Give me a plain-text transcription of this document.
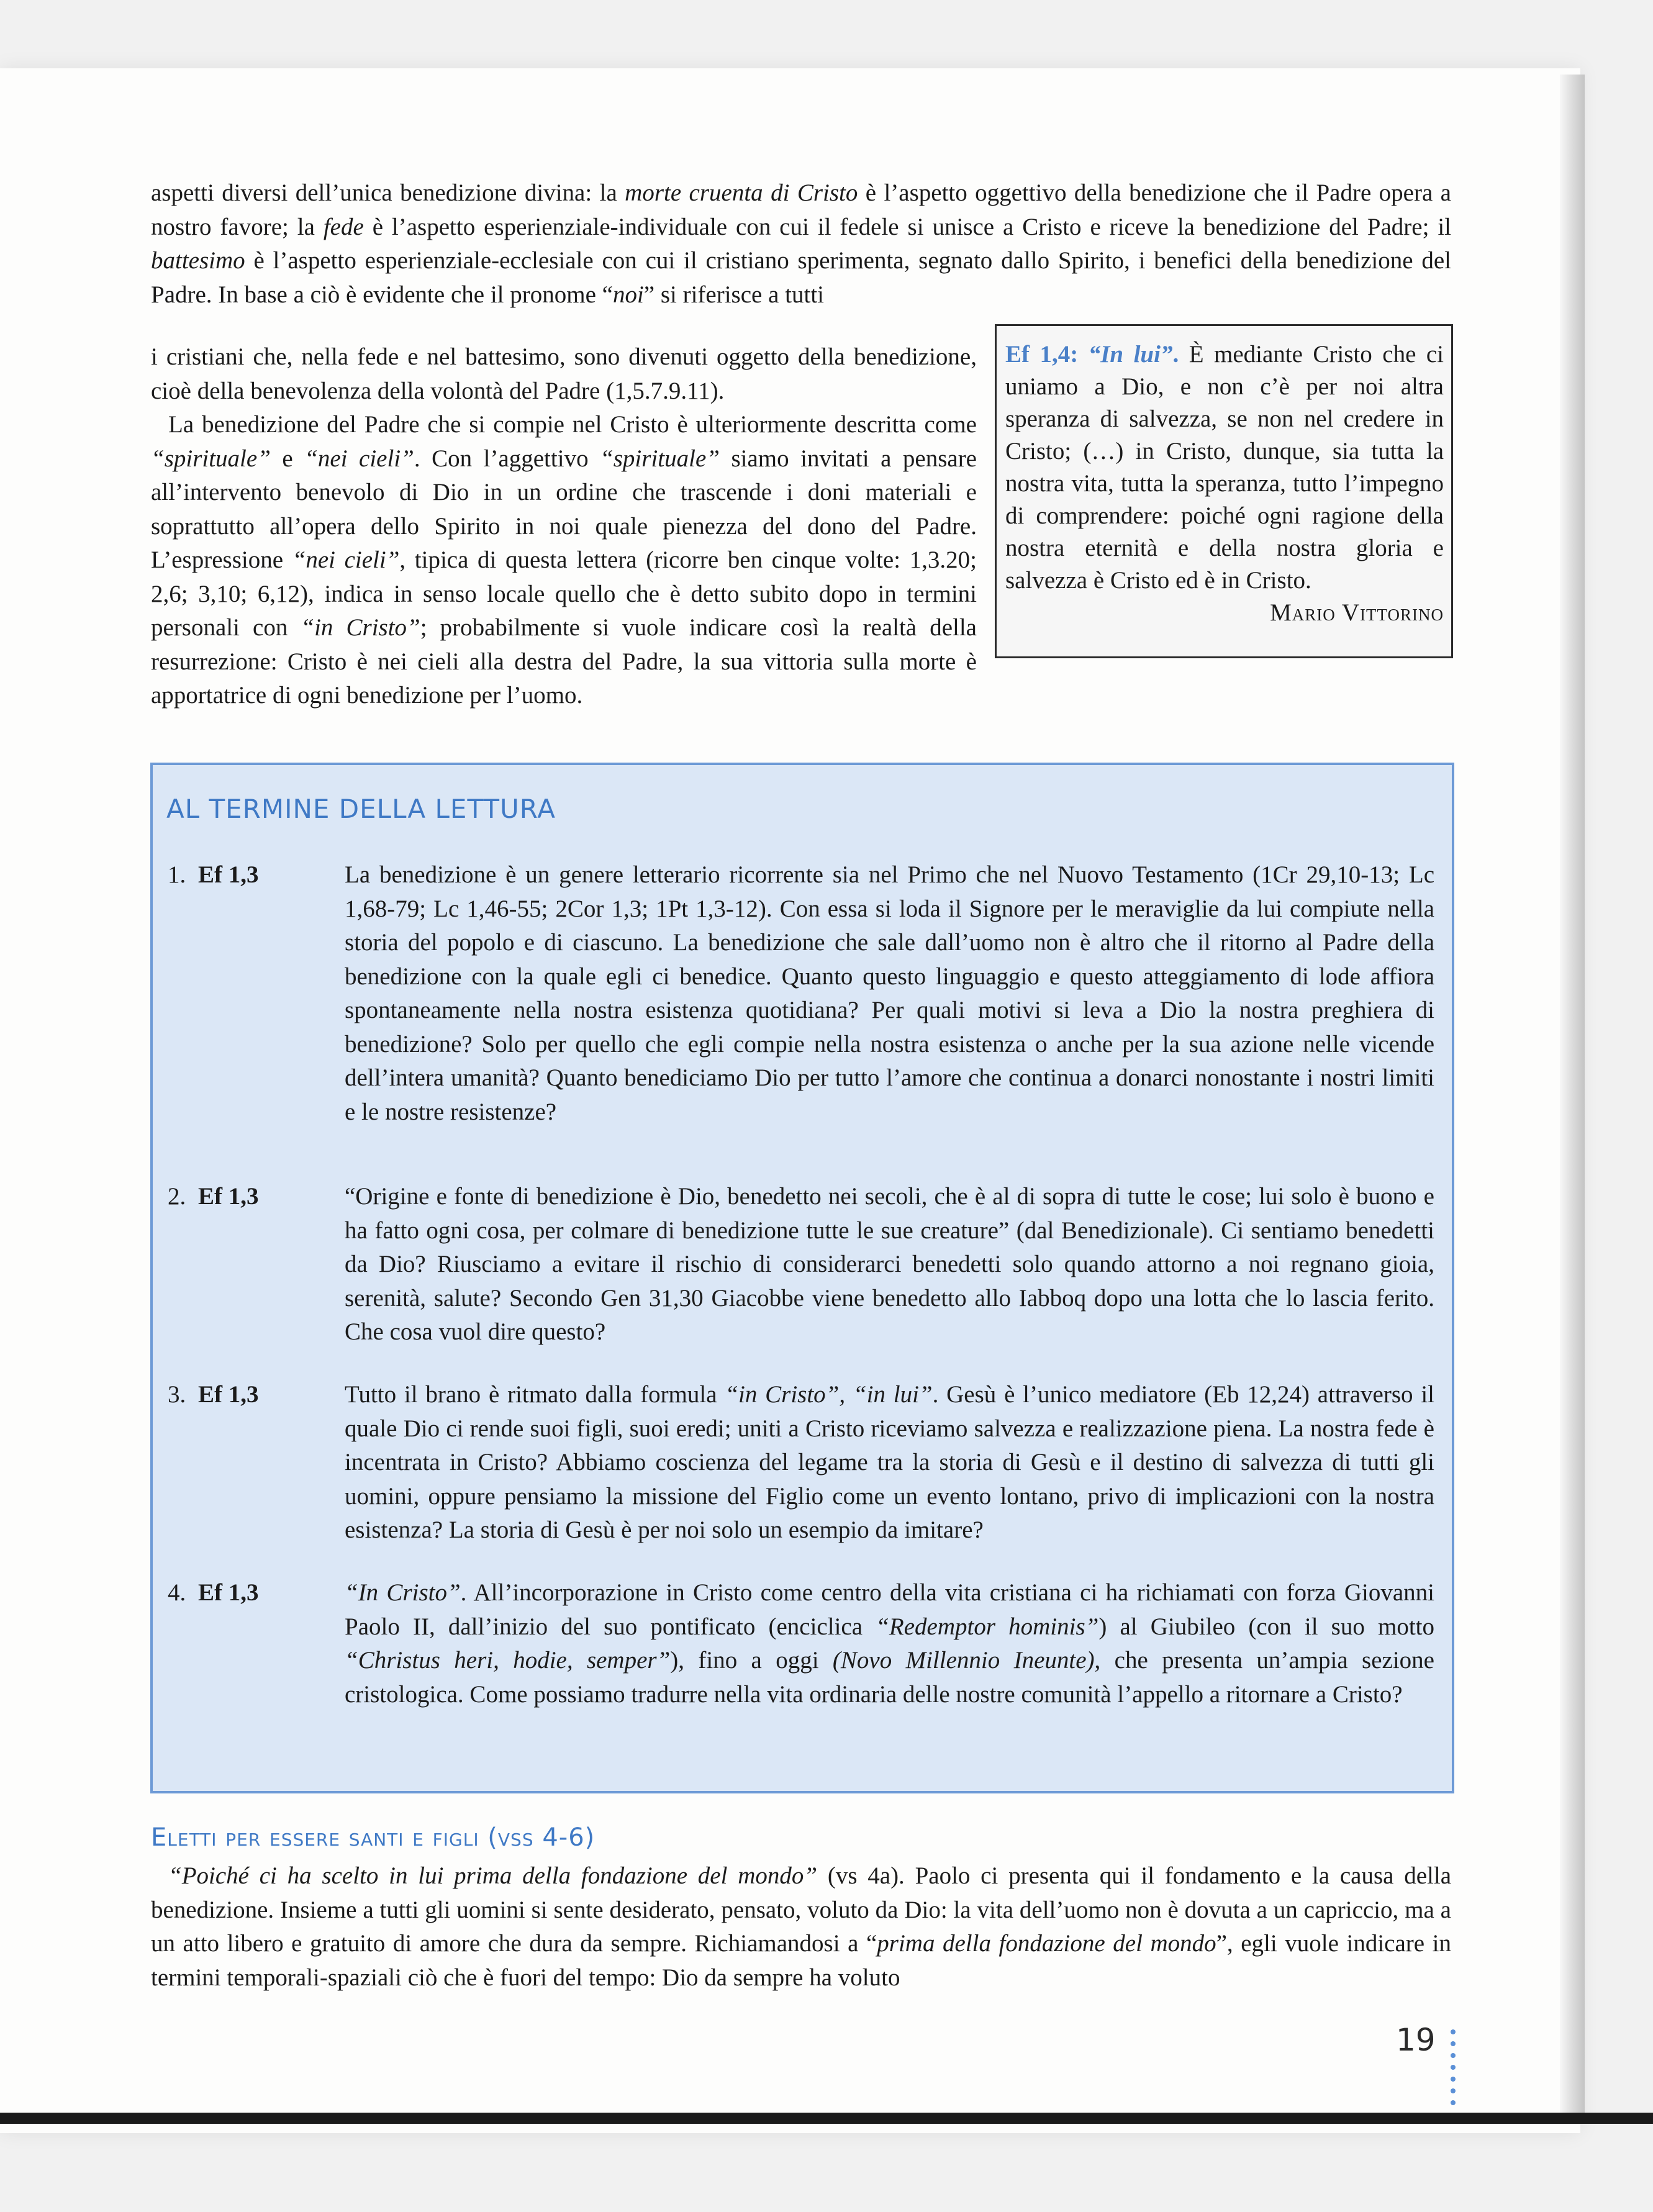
aspetti diversi dell’unica benedizione divina: la morte cruenta di Cristo è l’aspetto oggettivo della benedizione che il Padre opera a nostro favore; la fede è l’aspetto esperienziale-individuale con cui il fedele si unisce a Cristo e riceve la benedizione del Padre; il battesimo è l’aspetto esperienziale-ecclesiale con cui il cristiano sperimenta, segnato dallo Spirito, i benefici della benedizione del Padre. In base a ciò è evidente che il pronome “noi” si riferisce a tutti

i cristiani che, nella fede e nel battesimo, sono divenuti oggetto della benedizione, cioè della benevolenza della volontà del Padre (1,5.7.9.11).

La benedizione del Padre che si compie nel Cristo è ulteriormente descritta come “spirituale” e “nei cieli”. Con l’aggettivo “spirituale” siamo invitati a pensare all’intervento benevolo di Dio in un ordine che trascende i doni materiali e soprattutto all’opera dello Spirito in noi quale pienezza del dono del Padre. L’espressione “nei cieli”, tipica di questa lettera (ricorre ben cinque volte: 1,3.20; 2,6; 3,10; 6,12), indica in senso locale quello che è detto subito dopo in termini personali con “in Cristo”; probabilmente si vuole indicare così la realtà della resurrezione: Cristo è nei cieli alla destra del Padre, la sua vittoria sulla morte è apportatrice di ogni benedizione per l’uomo.

Ef 1,4: “In lui”. È mediante Cristo che ci uniamo a Dio, e non c’è per noi altra speranza di salvezza, se non nel credere in Cristo; (…) in Cristo, dunque, sia tutta la nostra vita, tutta la speranza, tutto l’impegno di comprendere: poiché ogni ragione della nostra eternità e della nostra gloria e salvezza è Cristo ed è in Cristo.
Mario Vittorino
AL TERMINE DELLA LETTURA
1. Ef 1,3	La benedizione è un genere letterario ricorrente sia nel Primo che nel Nuovo Testamento (1Cr 29,10-13; Lc 1,68-79; Lc 1,46-55; 2Cor 1,3; 1Pt 1,3-12). Con essa si loda il Signore per le meraviglie da lui compiute nella storia del popolo e di ciascuno. La benedizione che sale dall’uomo non è altro che il ritorno al Padre della benedizione con la quale egli ci benedice. Quanto questo linguaggio e questo atteggiamento di lode affiora spontaneamente nella nostra esistenza quotidiana? Per quali motivi si leva a Dio la nostra preghiera di benedizione? Solo per quello che egli compie nella nostra esistenza o anche per la sua azione nelle vicende dell’intera umanità? Quanto benediciamo Dio per tutto l’amore che continua a donarci nonostante i nostri limiti e le nostre resistenze?
2. Ef 1,3	“Origine e fonte di benedizione è Dio, benedetto nei secoli, che è al di sopra di tutte le cose; lui solo è buono e ha fatto ogni cosa, per colmare di benedizione tutte le sue creature” (dal Benedizionale). Ci sentiamo benedetti da Dio? Riusciamo a evitare il rischio di considerarci benedetti solo quando attorno a noi regnano gioia, serenità, salute? Secondo Gen 31,30 Giacobbe viene benedetto allo Iabboq dopo una lotta che lo lascia ferito. Che cosa vuol dire questo?
3. Ef 1,3	Tutto il brano è ritmato dalla formula “in Cristo”, “in lui”. Gesù è l’unico mediatore (Eb 12,24) attraverso il quale Dio ci rende suoi figli, suoi eredi; uniti a Cristo riceviamo salvezza e realizzazione piena. La nostra fede è incentrata in Cristo? Abbiamo coscienza del legame tra la storia di Gesù e il destino di salvezza di tutti gli uomini, oppure pensiamo la missione del Figlio come un evento lontano, privo di implicazioni con la nostra esistenza? La storia di Gesù è per noi solo un esempio da imitare?
4. Ef 1,3	“In Cristo”. All’incorporazione in Cristo come centro della vita cristiana ci ha richiamati con forza Giovanni Paolo II, dall’inizio del suo pontificato (enciclica “Redemptor hominis”) al Giubileo (con il suo motto “Christus heri, hodie, semper”), fino a oggi (Novo Millennio Ineunte), che presenta un’ampia sezione cristologica. Come possiamo tradurre nella vita ordinaria delle nostre comunità l’appello a ritornare a Cristo?
Eletti per essere santi e figli (vss 4-6)

“Poiché ci ha scelto in lui prima della fondazione del mondo” (vs 4a). Paolo ci presenta qui il fondamento e la causa della benedizione. Insieme a tutti gli uomini si sente desiderato, pensato, voluto da Dio: la vita dell’uomo non è dovuta a un capriccio, ma a un atto libero e gratuito di amore che dura da sempre. Richiamandosi a “prima della fondazione del mondo”, egli vuole indicare in termini temporali-spaziali ciò che è fuori del tempo: Dio da sempre ha voluto

19
